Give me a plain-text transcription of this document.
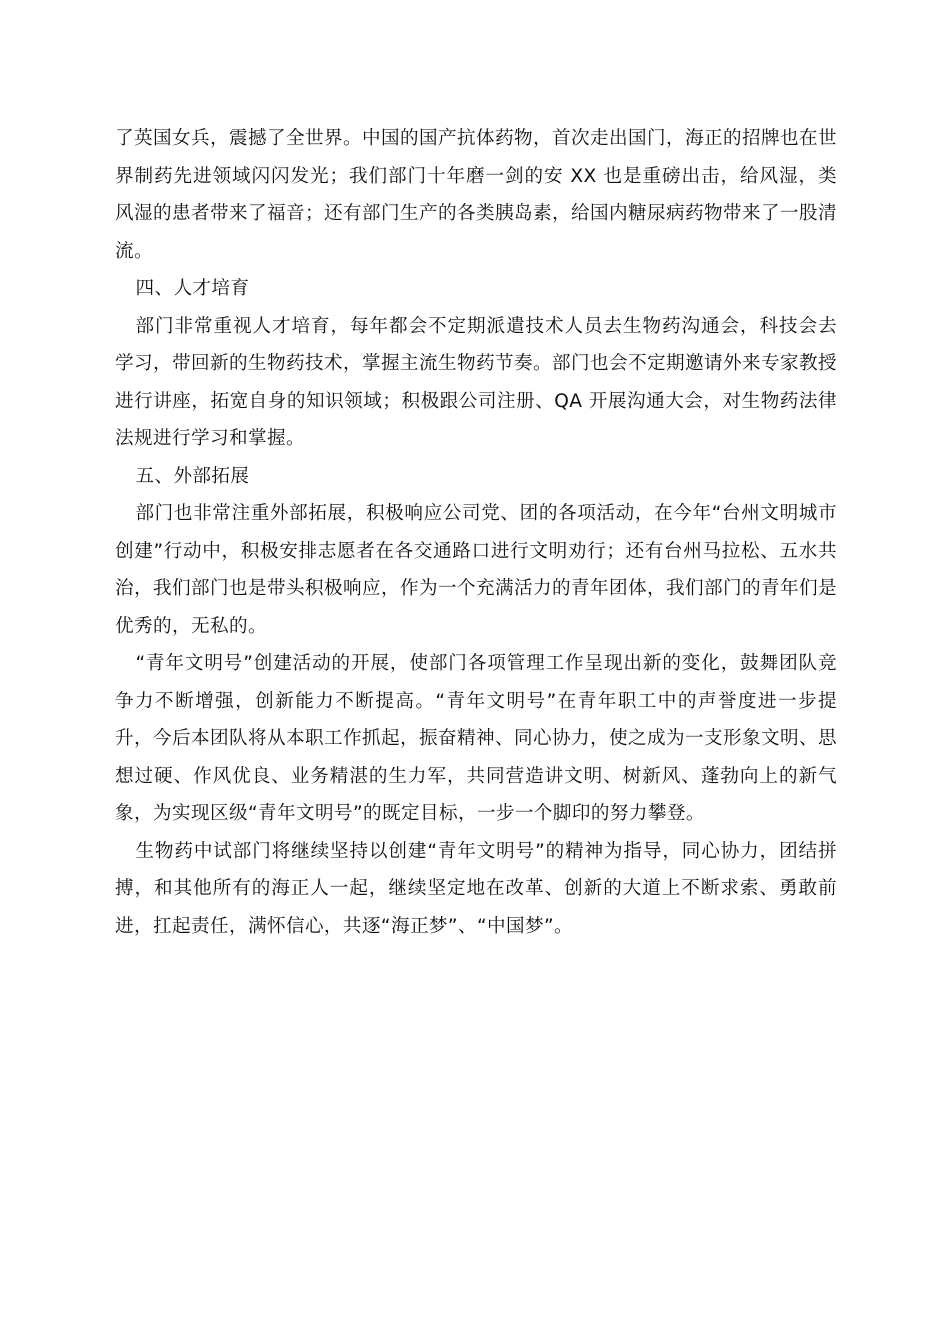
了英国女兵，震撼了全世界。中国的国产抗体药物，首次走出国门，海正的招牌也在世界制药先进领域闪闪发光；我们部门十年磨一剑的安 XX 也是重磅出击，给风湿，类风湿的患者带来了福音；还有部门生产的各类胰岛素，给国内糖尿病药物带来了一股清流。

四、人才培育

部门非常重视人才培育，每年都会不定期派遣技术人员去生物药沟通会，科技会去学习，带回新的生物药技术，掌握主流生物药节奏。部门也会不定期邀请外来专家教授进行讲座，拓宽自身的知识领域；积极跟公司注册、QA 开展沟通大会，对生物药法律法规进行学习和掌握。

五、外部拓展

部门也非常注重外部拓展，积极响应公司党、团的各项活动，在今年“台州文明城市创建”行动中，积极安排志愿者在各交通路口进行文明劝行；还有台州马拉松、五水共治，我们部门也是带头积极响应，作为一个充满活力的青年团体，我们部门的青年们是优秀的，无私的。

“青年文明号”创建活动的开展，使部门各项管理工作呈现出新的变化，鼓舞团队竞争力不断增强，创新能力不断提高。“青年文明号”在青年职工中的声誉度进一步提升，今后本团队将从本职工作抓起，振奋精神、同心协力，使之成为一支形象文明、思想过硬、作风优良、业务精湛的生力军，共同营造讲文明、树新风、蓬勃向上的新气象，为实现区级“青年文明号”的既定目标，一步一个脚印的努力攀登。

生物药中试部门将继续坚持以创建“青年文明号”的精神为指导，同心协力，团结拼搏，和其他所有的海正人一起，继续坚定地在改革、创新的大道上不断求索、勇敢前进，扛起责任，满怀信心，共逐“海正梦”、“中国梦”。
